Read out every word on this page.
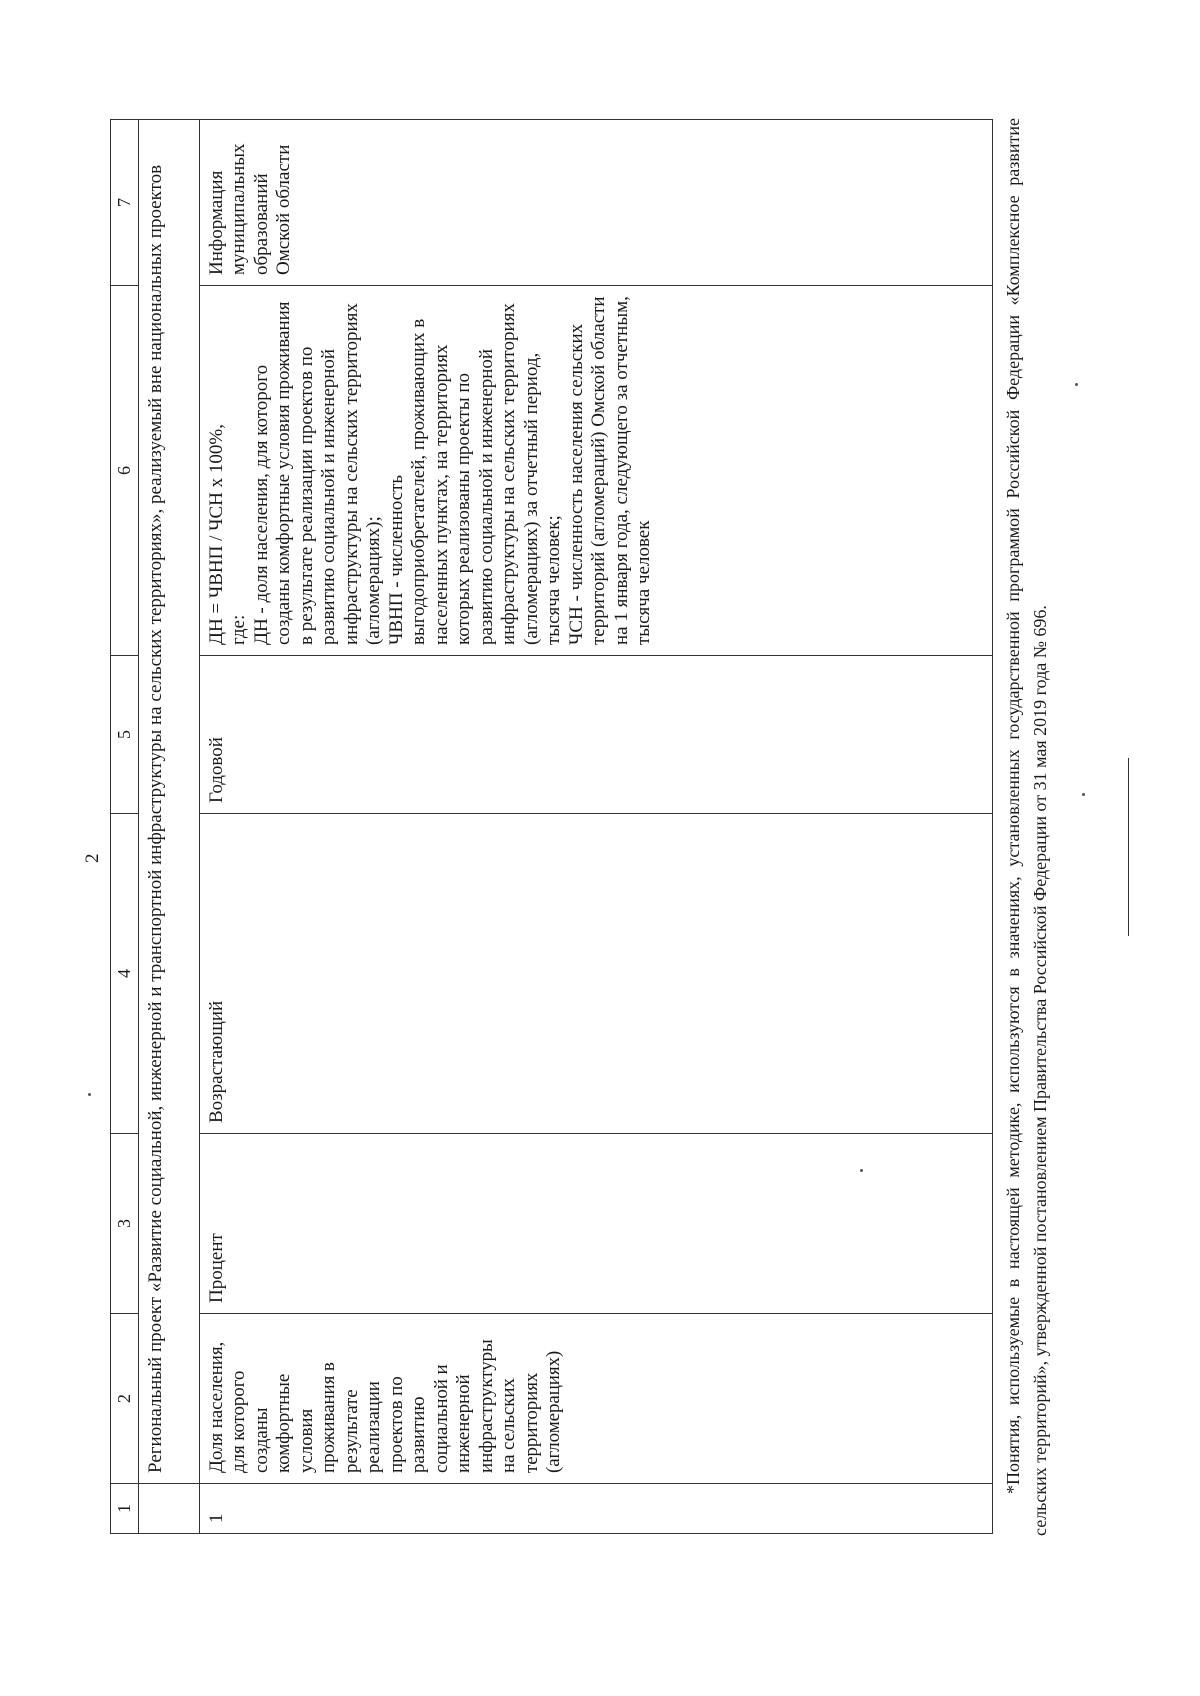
2
1	2	3	4	5	6	7
	Региональный проект «Развитие социальной, инженерной и транспортной инфраструктуры на сельских территориях», реализуемый вне национальных проектов					
1	Доля населения, для которого созданы комфортные условия проживания в результате реализации проектов по развитию социальной и инженерной инфраструктуры на сельских территориях (агломерациях)	Процент	Возрастающий	Годовой	ДН = ЧВНП / ЧСН x 100%, где: ДН - доля населения, для которого созданы комфортные условия проживания в результате реализации проектов по развитию социальной и инженерной инфраструктуры на сельских территориях (агломерациях); ЧВНП - численность выгодоприобретателей, проживающих в населенных пунктах, на территориях которых реализованы проекты по развитию социальной и инженерной инфраструктуры на сельских территориях (агломерациях) за отчетный период, тысяча человек; ЧСН - численность населения сельских территорий (агломераций) Омской области на 1 января года, следующего за отчетным, тысяча человек	Информация муниципальных образований Омской области	*Понятия, используемые в настоящей методике, используются в значениях, установленных государственной программой Российской Федерации «Комплексное развитие сельских территорий», утвержденной постановлением Правительства Российской Федерации от 31 мая 2019 года № 696.
